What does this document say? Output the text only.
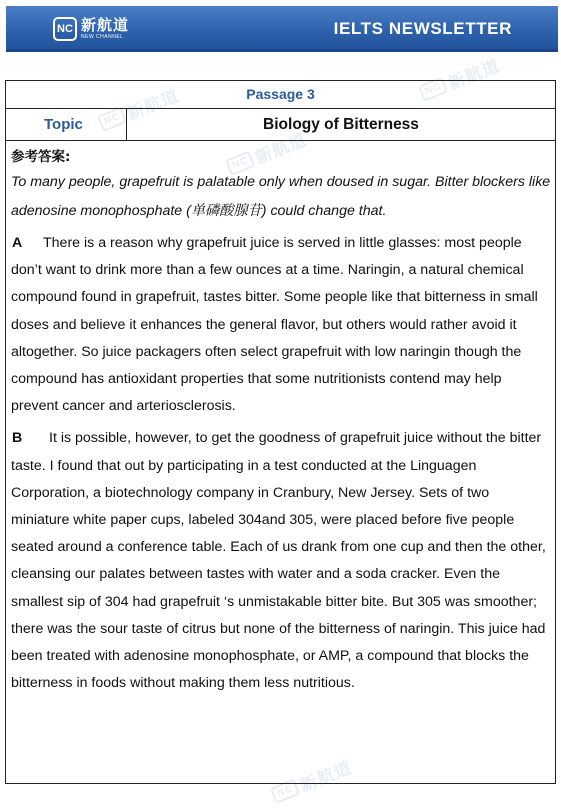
NC 新航道
NEW CHANNEL	IELTS NEWSLETTER
NC 新航道
NC 新航道
NC 新航道
NC 新航道
Passage 3
Topic	Biology of Bitterness
参考答案:

To many people, grapefruit is palatable only when doused in sugar. Bitter blockers like adenosine monophosphate (单磷酸腺苷) could change that.

A There is a reason why grapefruit juice is served in little glasses: most people don’t want to drink more than a few ounces at a time. Naringin, a natural chemical compound found in grapefruit, tastes bitter. Some people like that bitterness in small doses and believe it enhances the general flavor, but others would rather avoid it altogether. So juice packagers often select grapefruit with low naringin though the compound has antioxidant properties that some nutritionists contend may help prevent cancer and arteriosclerosis.

B It is possible, however, to get the goodness of grapefruit juice without the bitter taste. I found that out by participating in a test conducted at the Linguagen Corporation, a biotechnology company in Cranbury, New Jersey. Sets of two miniature white paper cups, labeled 304and 305, were placed before five people seated around a conference table. Each of us drank from one cup and then the other, cleansing our palates between tastes with water and a soda cracker. Even the smallest sip of 304 had grapefruit ‘s unmistakable bitter bite. But 305 was smoother; there was the sour taste of citrus but none of the bitterness of naringin. This juice had been treated with adenosine monophosphate, or AMP, a compound that blocks the bitterness in foods without making them less nutritious.
